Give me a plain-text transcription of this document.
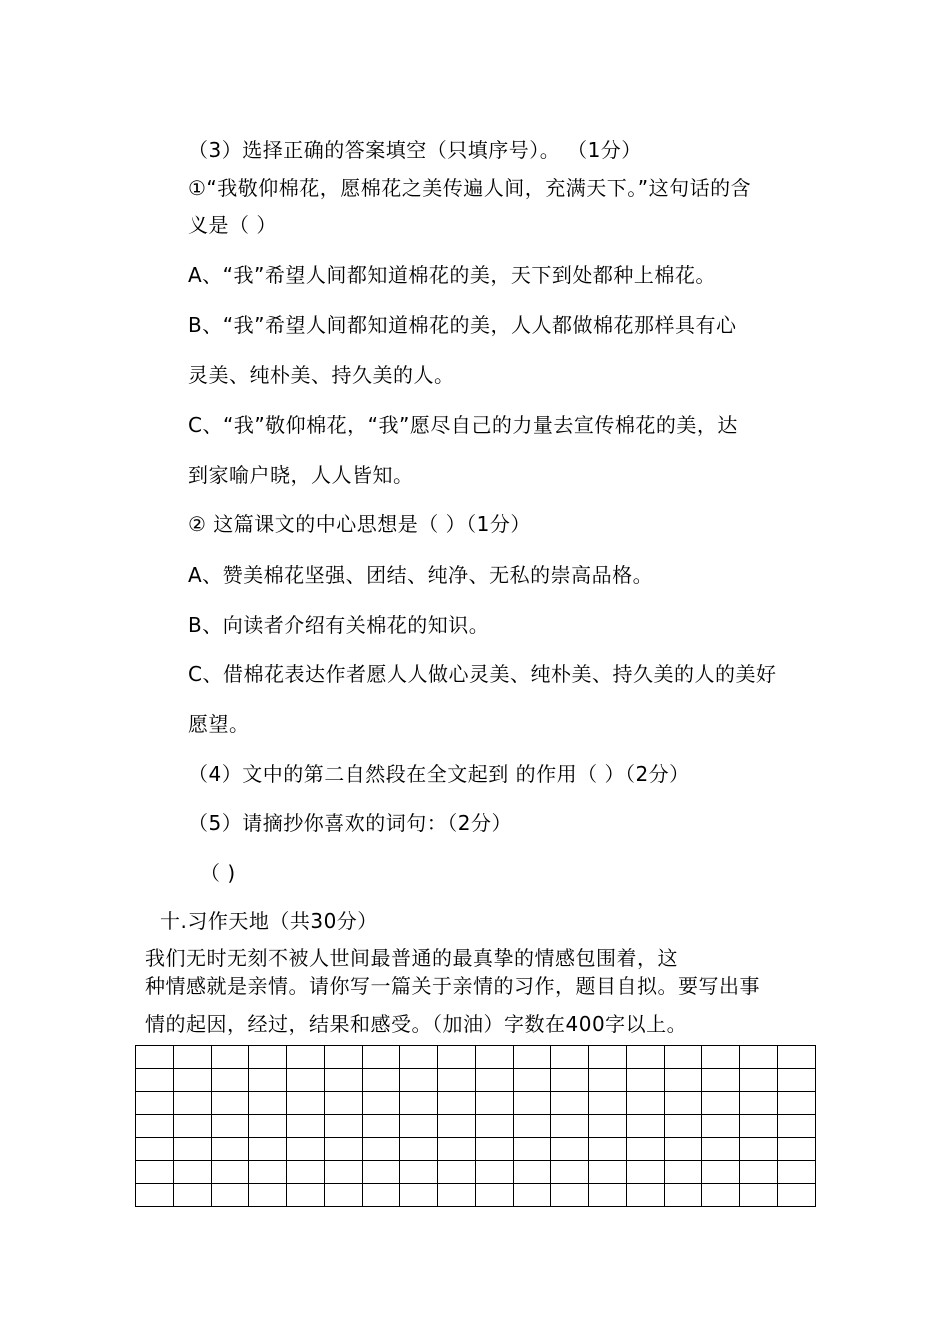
（3）选择正确的答案填空（只填序号）。 （1分）
①“我敬仰棉花，愿棉花之美传遍人间，充满天下。”这句话的含
义是（ ）
A、“我”希望人间都知道棉花的美，天下到处都种上棉花。
B、“我”希望人间都知道棉花的美，人人都做棉花那样具有心
灵美、纯朴美、持久美的人。
C、“我”敬仰棉花，“我”愿尽自己的力量去宣传棉花的美，达
到家喻户晓，人人皆知。
② 这篇课文的中心思想是（ ）（1分）
A、赞美棉花坚强、团结、纯净、无私的崇高品格。
B、向读者介绍有关棉花的知识。
C、借棉花表达作者愿人人做心灵美、纯朴美、持久美的人的美好
愿望。
（4）文中的第二自然段在全文起到 的作用（ ）（2分）
（5）请摘抄你喜欢的词句：（2分）
（ )
十.习作天地（共30分）
我们无时无刻不被人世间最普通的最真挚的情感包围着，这
种情感就是亲情。请你写一篇关于亲情的习作，题目自拟。要写出事
情的起因，经过，结果和感受。（加油）字数在400字以上。
